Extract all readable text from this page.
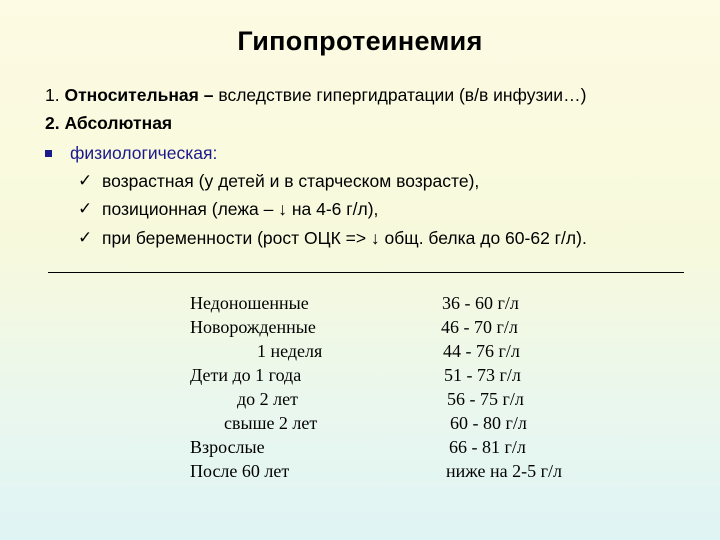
Гипопротеинемия
1. Относительная – вследствие гипергидратации (в/в инфузии…)
2. Абсолютная
физиологическая:
✓ возрастная (у детей и в старческом возрасте),
✓ позиционная (лежа – ↓ на 4-6 г/л),
✓ при беременности (рост ОЦК => ↓ общ. белка до 60-62 г/л).
Недоношенные	36 - 60 г/л
Новорожденные	46 - 70 г/л
1 неделя	44 - 76 г/л
Дети до 1 года	51 - 73 г/л
до 2 лет	56 - 75 г/л
свыше 2 лет	60 - 80 г/л
Взрослые	66 - 81 г/л
После 60 лет	ниже на 2-5 г/л
